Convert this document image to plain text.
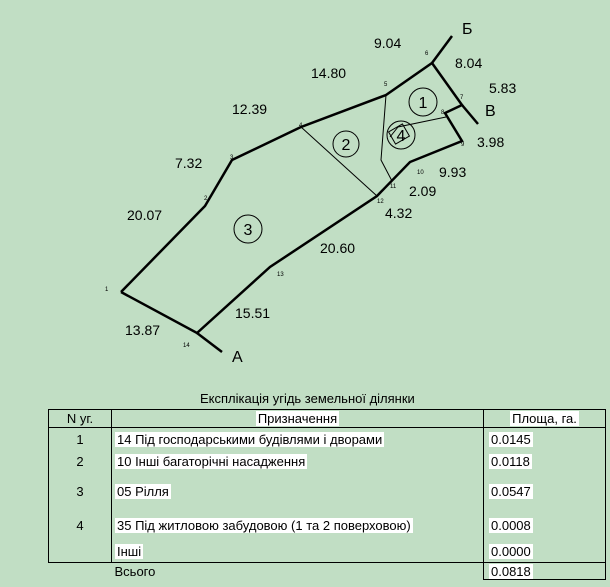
1
2
3
4
9.04
8.04
5.83
3.98
9.93
2.09
4.32
20.60
15.51
13.87
20.07
7.32
12.39
14.80
1
2
3
4
5
6
7
8
9
10
11
12
13
14
А
Б
В
Експлікація угідь земельної ділянки
N уг.	Призначення	Площа, га.
1	14 Під господарськими будівлями і дворами	0.0145
2	10 Інші багаторічні насадження	0.0118
3	05 Рілля	0.0547
4	35 Під житловою забудовою (1 та 2 поверховою)	0.0008
	Інші	0.0000
	Всього	0.0818
